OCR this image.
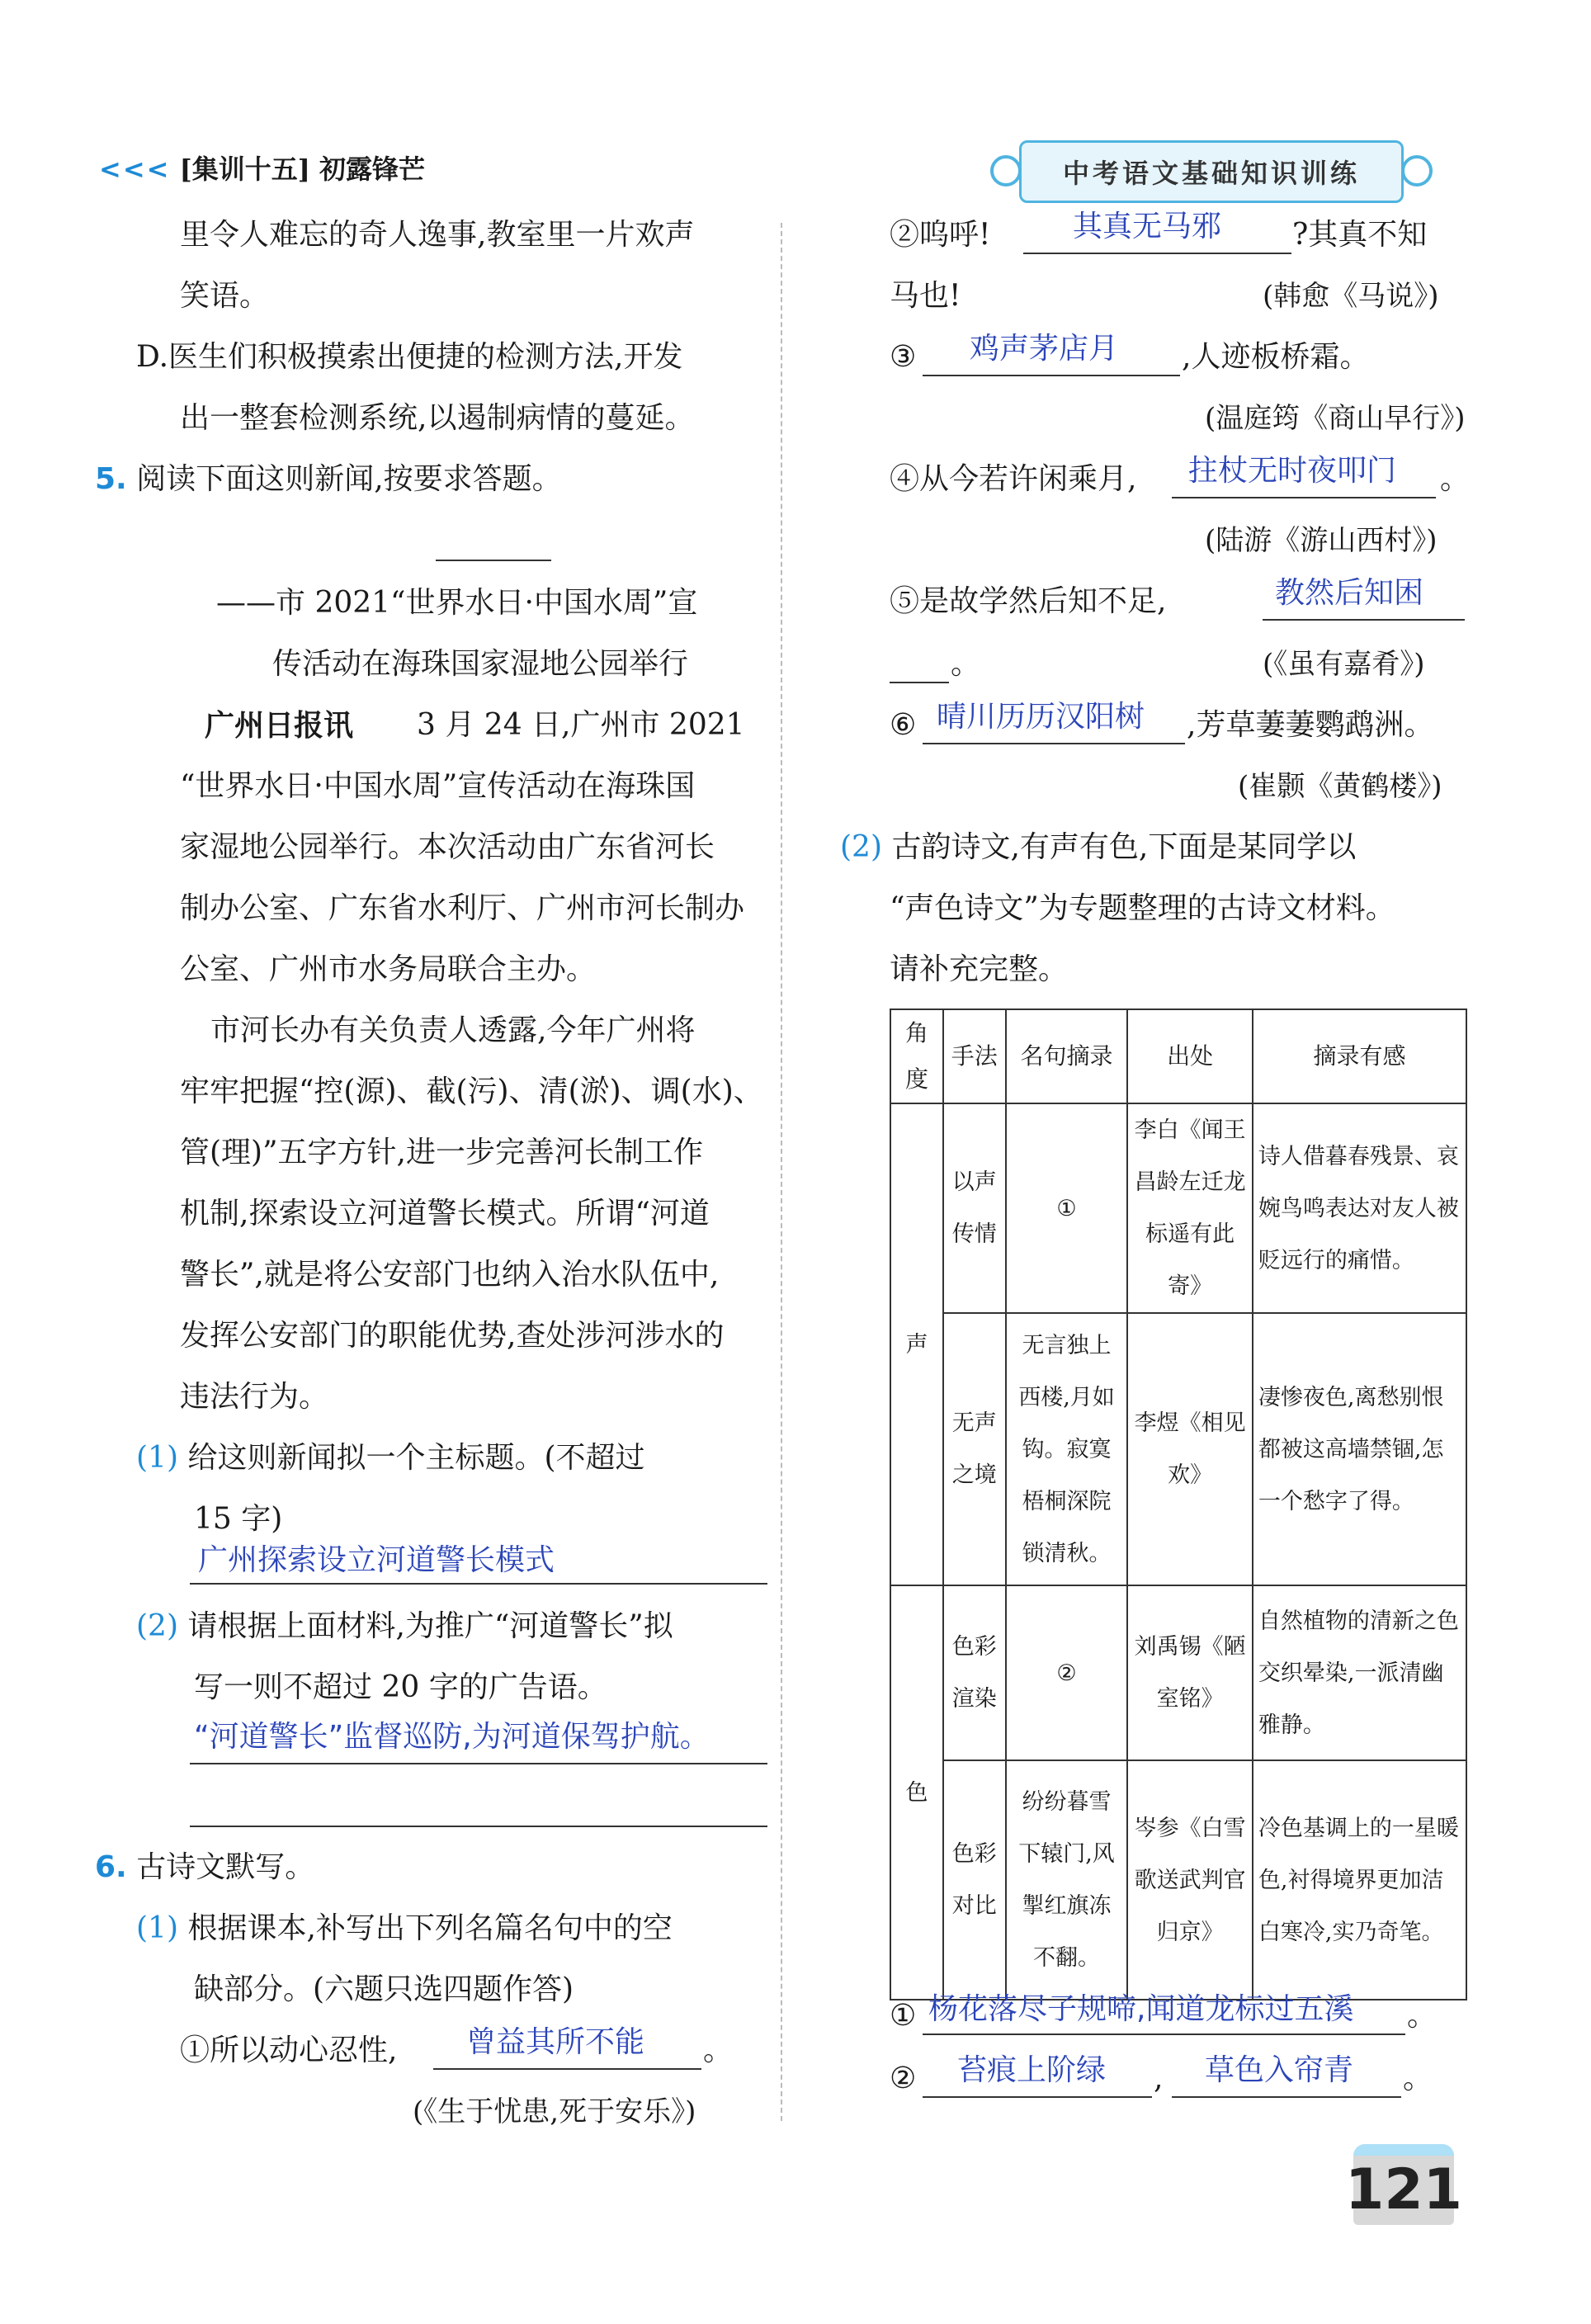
<<< [集训十五] 初露锋芒	中考语文基础知识训练
里令人难忘的奇人逸事,教室里一片欢声
笑语。
D.医生们积极摸索出便捷的检测方法,开发
出一整套检测系统,以遏制病情的蔓延。
5. 阅读下面这则新闻,按要求答题。
——市 2021“世界水日·中国水周”宣
传活动在海珠国家湿地公园举行
广州日报讯 3 月 24 日,广州市 2021
“世界水日·中国水周”宣传活动在海珠国
家湿地公园举行。本次活动由广东省河长
制办公室、广东省水利厅、广州市河长制办
公室、广州市水务局联合主办。
市河长办有关负责人透露,今年广州将
牢牢把握“控(源)、截(污)、清(淤)、调(水)、
管(理)”五字方针,进一步完善河长制工作
机制,探索设立河道警长模式。所谓“河道
警长”,就是将公安部门也纳入治水队伍中,
发挥公安部门的职能优势,查处涉河涉水的
违法行为。
(1) 给这则新闻拟一个主标题。(不超过
15 字)
广州探索设立河道警长模式
(2) 请根据上面材料,为推广“河道警长”拟
写一则不超过 20 字的广告语。
“河道警长”监督巡防,为河道保驾护航。
6. 古诗文默写。
(1) 根据课本,补写出下列名篇名句中的空
缺部分。(六题只选四题作答)
①所以动心忍性, 曾益其所不能 。
(《生于忧患,死于安乐》)
②呜呼!	其真无马邪 ?其真不知
马也!	(韩愈《马说》)
③ 鸡声茅店月 ,人迹板桥霜。
(温庭筠《商山早行》)
④从今若许闲乘月, 拄杖无时夜叩门 。
(陆游《游山西村》)
⑤是故学然后知不足,	教然后知困
。	(《虽有嘉肴》)
⑥ 晴川历历汉阳树 ,芳草萋萋鹦鹉洲。
(崔颢《黄鹤楼》)
(2) 古韵诗文,有声有色,下面是某同学以
“声色诗文”为专题整理的古诗文材料。
请补充完整。
角度	手法	名句摘录	出处	摘录有感
声	以声传情	①	李白《闻王昌龄左迁龙标遥有此寄》	诗人借暮春残景、哀婉鸟鸣表达对友人被贬远行的痛惜。
	无声之境	无言独上西楼,月如钩。寂寞梧桐深院锁清秋。	李煜《相见欢》	凄惨夜色,离愁别恨都被这高墙禁锢,怎一个愁字了得。
色	色彩渲染	②	刘禹锡《陋室铭》	自然植物的清新之色交织晕染,一派清幽雅静。
	色彩对比	纷纷暮雪下辕门,风掣红旗冻不翻。	岑参《白雪歌送武判官归京》	冷色基调上的一星暖色,衬得境界更加洁白寒冷,实乃奇笔。
① 杨花落尽子规啼,闻道龙标过五溪 。
② 苔痕上阶绿 , 草色入帘青 。
121
